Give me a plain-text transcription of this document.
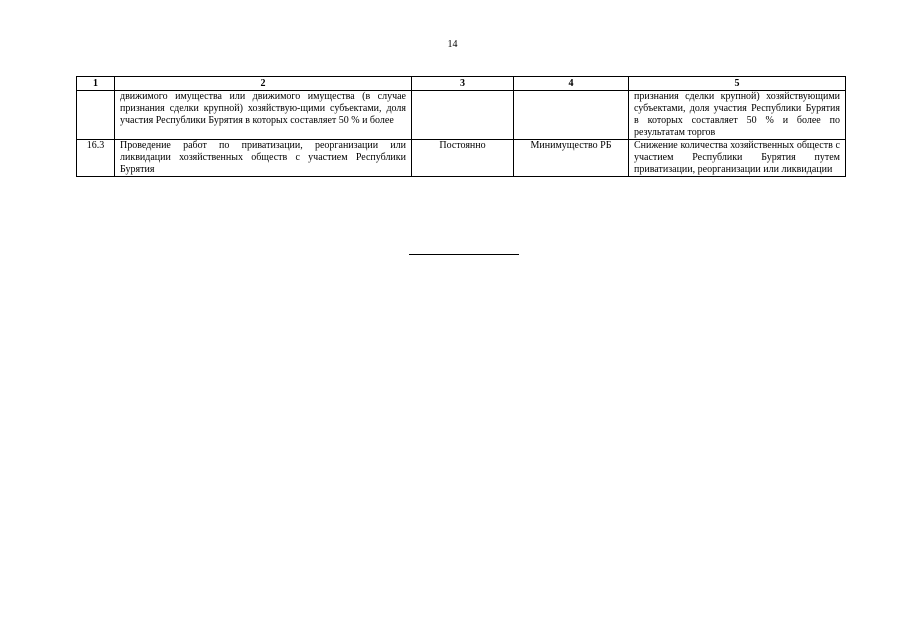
14
1	2	3	4	5
	движимого имущества или движимого имущества (в случае признания сделки крупной) хозяйствую-щими субъектами, доля участия Республики Бурятия в которых составляет 50 % и более			признания сделки крупной) хозяйствующими субъектами, доля участия Республики Бурятия в которых составляет 50 % и более по результатам торгов
16.3	Проведение работ по приватизации, реорганизации или ликвидации хозяйственных обществ с участием Республики Бурятия	Постоянно	Минимущество РБ	Снижение количества хозяйственных обществ с участием Республики Бурятия путем приватизации, реорганизации или ликвидации
